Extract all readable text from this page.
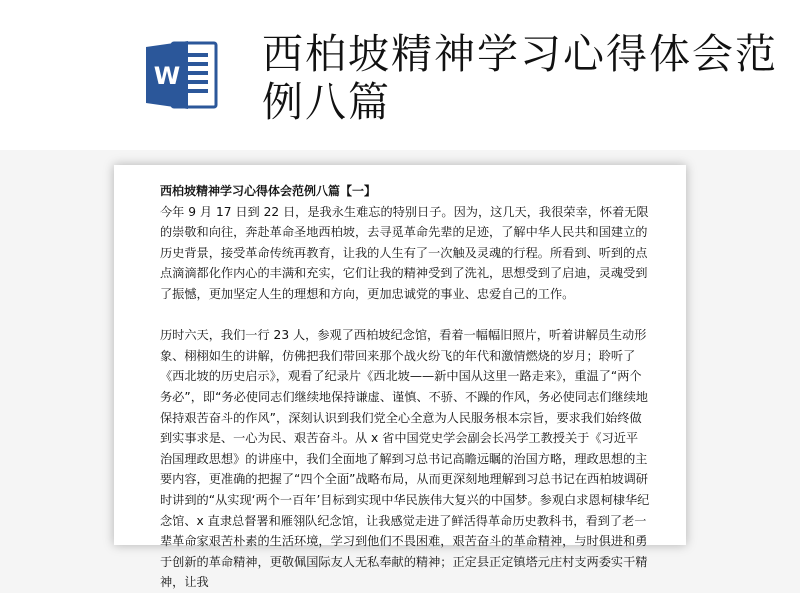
W 西柏坡精神学习心得体会范例八篇
西柏坡精神学习心得体会范例八篇【一】

今年 9 月 17 日到 22 日，是我永生难忘的特别日子。因为，这几天，我很荣幸，怀着无限的崇敬和向往，奔赴革命圣地西柏坡，去寻觅革命先辈的足迹，了解中华人民共和国建立的历史背景，接受革命传统再教育，让我的人生有了一次触及灵魂的行程。所看到、听到的点点滴滴都化作内心的丰满和充实，它们让我的精神受到了洗礼，思想受到了启迪，灵魂受到了振憾，更加坚定人生的理想和方向，更加忠诚党的事业、忠爱自己的工作。

历时六天，我们一行 23 人，参观了西柏坡纪念馆，看着一幅幅旧照片，听着讲解员生动形象、栩栩如生的讲解，仿佛把我们带回来那个战火纷飞的年代和激情燃烧的岁月；聆听了《西北坡的历史启示》，观看了纪录片《西北坡——新中国从这里一路走来》，重温了“两个务必”，即“务必使同志们继续地保持谦虚、谨慎、不骄、不躁的作风，务必使同志们继续地保持艰苦奋斗的作风”，深刻认识到我们党全心全意为人民服务根本宗旨，要求我们始终做到实事求是、一心为民、艰苦奋斗。从 x 省中国党史学会副会长冯学工教授关于《习近平治国理政思想》的讲座中，我们全面地了解到习总书记高瞻远瞩的治国方略，理政思想的主要内容，更准确的把握了“四个全面”战略布局，从而更深刻地理解到习总书记在西柏坡调研时讲到的“从实现‘两个一百年’目标到实现中华民族伟大复兴的中国梦。参观白求恩柯棣华纪念馆、x 直隶总督署和雁翎队纪念馆，让我感觉走进了鲜活得革命历史教科书，看到了老一辈革命家艰苦朴素的生活环境，学习到他们不畏困难，艰苦奋斗的革命精神，与时俱进和勇于创新的革命精神，更敬佩国际友人无私奉献的精神；正定县正定镇塔元庄村支两委实干精神，让我
